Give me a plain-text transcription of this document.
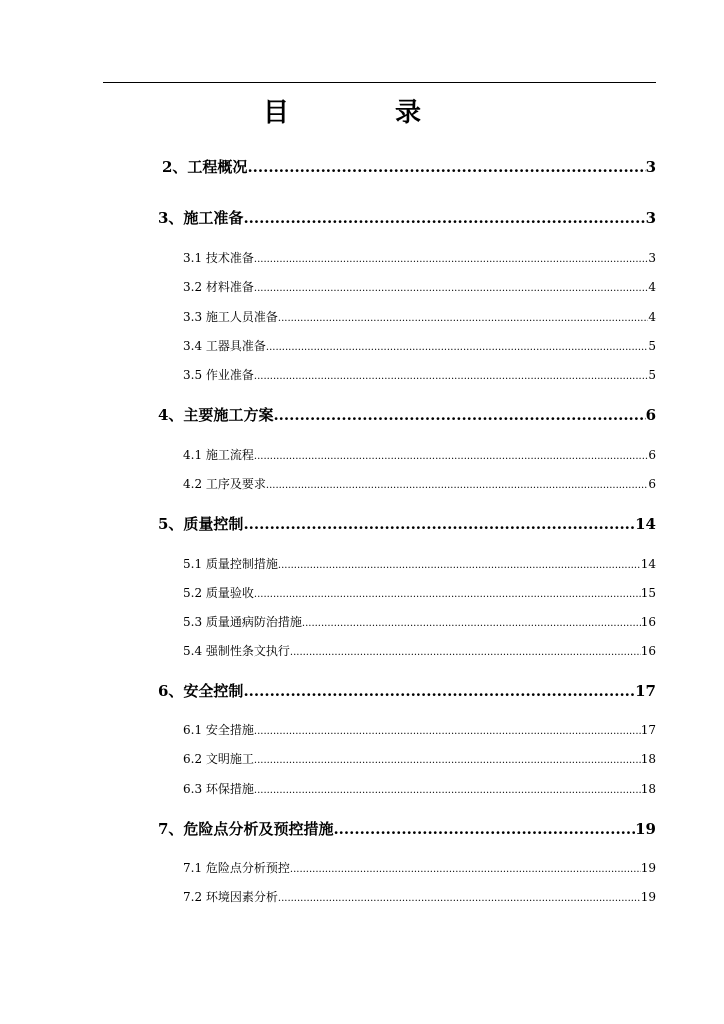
目　录
2、工程概况 .....	3
3、施工准备 .....	3
3.1 技术准备 .....	3
3.2 材料准备 .....	4
3.3 施工人员准备 .....	4
3.4 工器具准备 .....	5
3.5 作业准备 .....	5
4、主要施工方案 .....	6
4.1 施工流程 .....	6
4.2 工序及要求 .....	6
5、质量控制 .....	14
5.1 质量控制措施 .....	14
5.2 质量验收 .....	15
5.3 质量通病防治措施 .....	16
5.4 强制性条文执行 .....	16
6、安全控制 .....	17
6.1 安全措施 .....	17
6.2 文明施工 .....	18
6.3 环保措施 .....	18
7、危险点分析及预控措施 .....	19
7.1 危险点分析预控 .....	19
7.2 环境因素分析 .....	19
